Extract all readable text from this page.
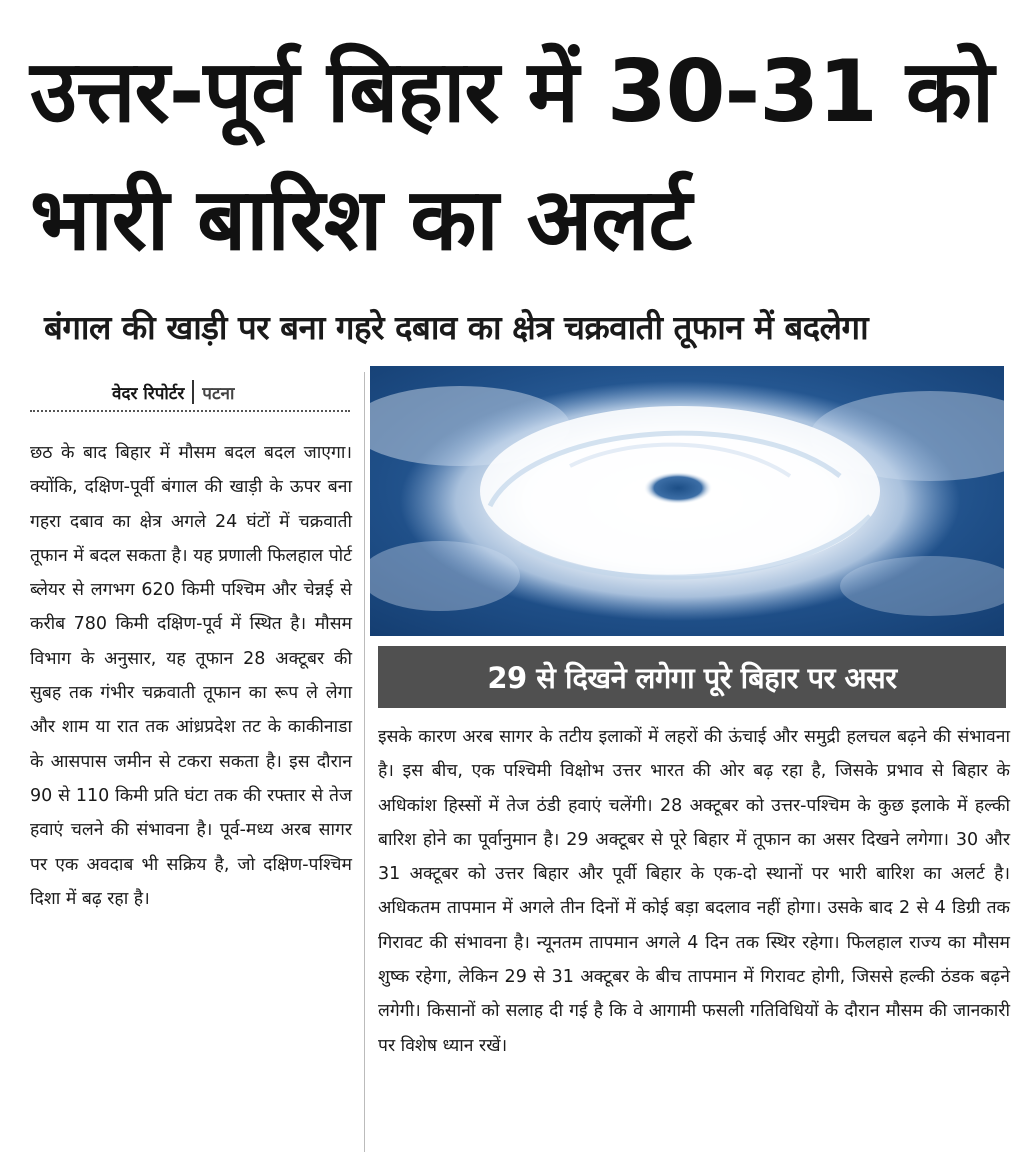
उत्तर-पूर्व बिहार में 30-31 को भारी बारिश का अलर्ट
बंगाल की खाड़ी पर बना गहरे दबाव का क्षेत्र चक्रवाती तूफान में बदलेगा
वेदर रिपोर्टर पटना

छठ के बाद बिहार में मौसम बदल बदल जाएगा। क्योंकि, दक्षिण-पूर्वी बंगाल की खाड़ी के ऊपर बना गहरा दबाव का क्षेत्र अगले 24 घंटों में चक्रवाती तूफान में बदल सकता है। यह प्रणाली फिलहाल पोर्ट ब्लेयर से लगभग 620 किमी पश्चिम और चेन्नई से करीब 780 किमी दक्षिण-पूर्व में स्थित है। मौसम विभाग के अनुसार, यह तूफान 28 अक्टूबर की सुबह तक गंभीर चक्रवाती तूफान का रूप ले लेगा और शाम या रात तक आंध्रप्रदेश तट के काकीनाडा के आसपास जमीन से टकरा सकता है। इस दौरान 90 से 110 किमी प्रति घंटा तक की रफ्तार से तेज हवाएं चलने की संभावना है। पूर्व-मध्य अरब सागर पर एक अवदाब भी सक्रिय है, जो दक्षिण-पश्चिम दिशा में बढ़ रहा है।

29 से दिखने लगेगा पूरे बिहार पर असर

इसके कारण अरब सागर के तटीय इलाकों में लहरों की ऊंचाई और समुद्री हलचल बढ़ने की संभावना है। इस बीच, एक पश्चिमी विक्षोभ उत्तर भारत की ओर बढ़ रहा है, जिसके प्रभाव से बिहार के अधिकांश हिस्सों में तेज ठंडी हवाएं चलेंगी। 28 अक्टूबर को उत्तर-पश्चिम के कुछ इलाके में हल्की बारिश होने का पूर्वानुमान है। 29 अक्टूबर से पूरे बिहार में तूफान का असर दिखने लगेगा। 30 और 31 अक्टूबर को उत्तर बिहार और पूर्वी बिहार के एक-दो स्थानों पर भारी बारिश का अलर्ट है। अधिकतम तापमान में अगले तीन दिनों में कोई बड़ा बदलाव नहीं होगा। उसके बाद 2 से 4 डिग्री तक गिरावट की संभावना है। न्यूनतम तापमान अगले 4 दिन तक स्थिर रहेगा। फिलहाल राज्य का मौसम शुष्क रहेगा, लेकिन 29 से 31 अक्टूबर के बीच तापमान में गिरावट होगी, जिससे हल्की ठंडक बढ़ने लगेगी। किसानों को सलाह दी गई है कि वे आगामी फसली गतिविधियों के दौरान मौसम की जानकारी पर विशेष ध्यान रखें।
